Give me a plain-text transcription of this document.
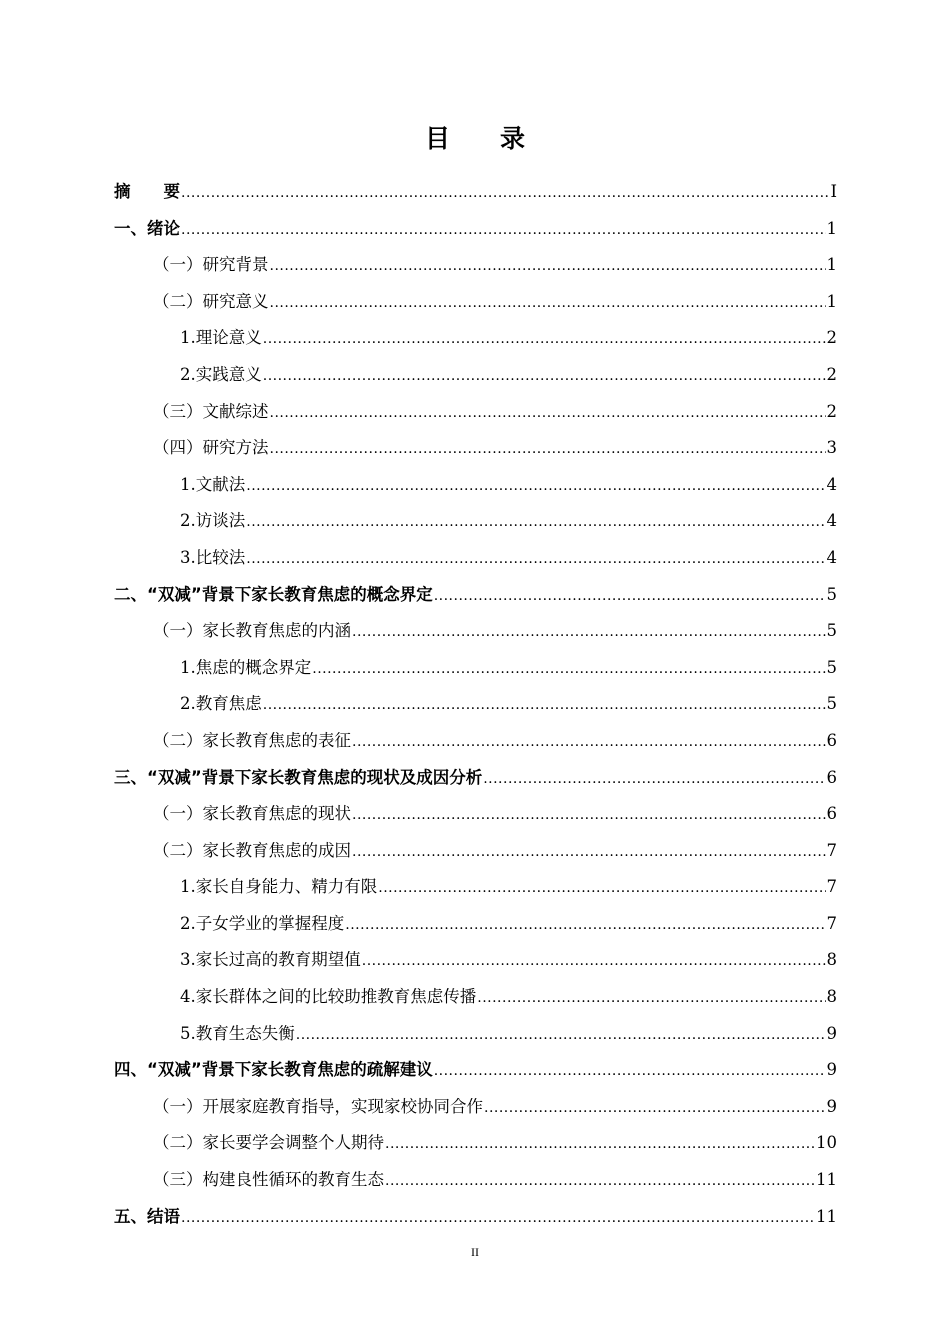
目　　录
摘　　要 .....	I
一、绪论 .....	1
（一）研究背景 .....	1
（二）研究意义 .....	1
1.理论意义 .....	2
2.实践意义 .....	2
（三）文献综述 .....	2
（四）研究方法 .....	3
1.文献法 .....	4
2.访谈法 .....	4
3.比较法 .....	4
二、“双减”背景下家长教育焦虑的概念界定 .....	5
（一）家长教育焦虑的内涵 .....	5
1.焦虑的概念界定 .....	5
2.教育焦虑 .....	5
（二）家长教育焦虑的表征 .....	6
三、“双减”背景下家长教育焦虑的现状及成因分析 .....	6
（一）家长教育焦虑的现状 .....	6
（二）家长教育焦虑的成因 .....	7
1.家长自身能力、精力有限 .....	7
2.子女学业的掌握程度 .....	7
3.家长过高的教育期望值 .....	8
4.家长群体之间的比较助推教育焦虑传播 .....	8
5.教育生态失衡 .....	9
四、“双减”背景下家长教育焦虑的疏解建议 .....	9
（一）开展家庭教育指导，实现家校协同合作 .....	9
（二）家长要学会调整个人期待 .....	10
（三）构建良性循环的教育生态 .....	11
五、结语 .....	11
II
